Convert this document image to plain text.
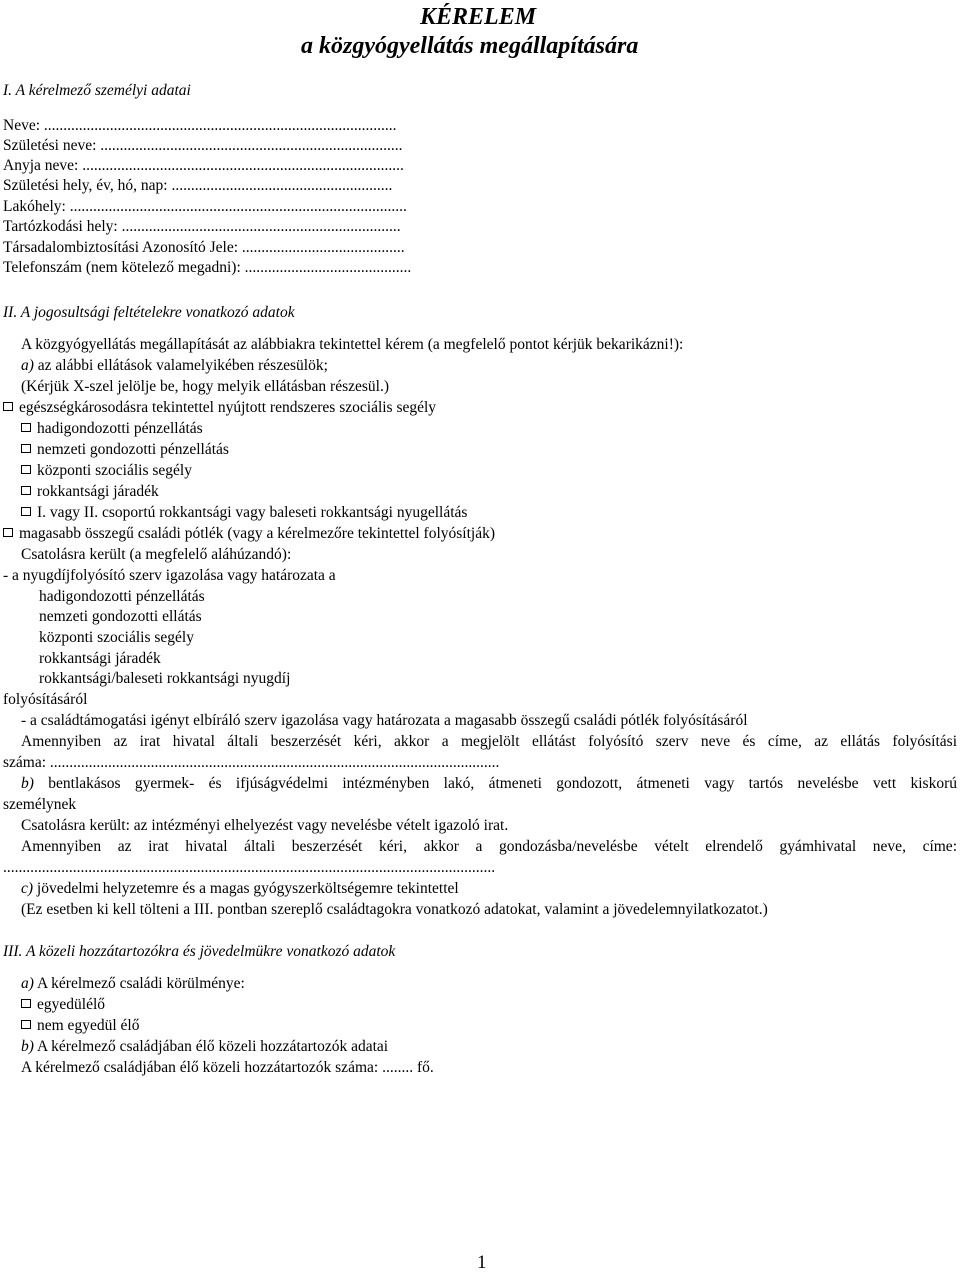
KÉRELEM
a közgyógyellátás megállapítására
I. A kérelmező személyi adatai
Neve: ...........................................................................................
Születési neve: ..............................................................................
Anyja neve: ...................................................................................
Születési hely, év, hó, nap: .........................................................
Lakóhely: .......................................................................................
Tartózkodási hely: ........................................................................
Társadalombiztosítási Azonosító Jele: ..........................................
Telefonszám (nem kötelező megadni): ...........................................
II. A jogosultsági feltételekre vonatkozó adatok
A közgyógyellátás megállapítását az alábbiakra tekintettel kérem (a megfelelő pontot kérjük bekarikázni!):
a) az alábbi ellátások valamelyikében részesülök;
(Kérjük X-szel jelölje be, hogy melyik ellátásban részesül.)
egészségkárosodásra tekintettel nyújtott rendszeres szociális segély
hadigondozotti pénzellátás
nemzeti gondozotti pénzellátás
központi szociális segély
rokkantsági járadék
I. vagy II. csoportú rokkantsági vagy baleseti rokkantsági nyugellátás
magasabb összegű családi pótlék (vagy a kérelmezőre tekintettel folyósítják)
Csatolásra került (a megfelelő aláhúzandó):
- a nyugdíjfolyósító szerv igazolása vagy határozata a
hadigondozotti pénzellátás
nemzeti gondozotti ellátás
központi szociális segély
rokkantsági járadék
rokkantsági/baleseti rokkantsági nyugdíj
folyósításáról
- a családtámogatási igényt elbíráló szerv igazolása vagy határozata a magasabb összegű családi pótlék folyósításáról
Amennyiben az irat hivatal általi beszerzését kéri, akkor a megjelölt ellátást folyósító szerv neve és címe, az ellátás folyósítási
száma: ....................................................................................................................
b) bentlakásos gyermek- és ifjúságvédelmi intézményben lakó, átmeneti gondozott, átmeneti vagy tartós nevelésbe vett kiskorú
személynek
Csatolásra került: az intézményi elhelyezést vagy nevelésbe vételt igazoló irat.
Amennyiben az irat hivatal általi beszerzését kéri, akkor a gondozásba/nevelésbe vételt elrendelő gyámhivatal neve, címe:
...............................................................................................................................
c) jövedelmi helyzetemre és a magas gyógyszerköltségemre tekintettel
(Ez esetben ki kell tölteni a III. pontban szereplő családtagokra vonatkozó adatokat, valamint a jövedelemnyilatkozatot.)
III. A közeli hozzátartozókra és jövedelmükre vonatkozó adatok
a) A kérelmező családi körülménye:
egyedülélő
nem egyedül élő
b) A kérelmező családjában élő közeli hozzátartozók adatai
A kérelmező családjában élő közeli hozzátartozók száma: ........ fő.
1
